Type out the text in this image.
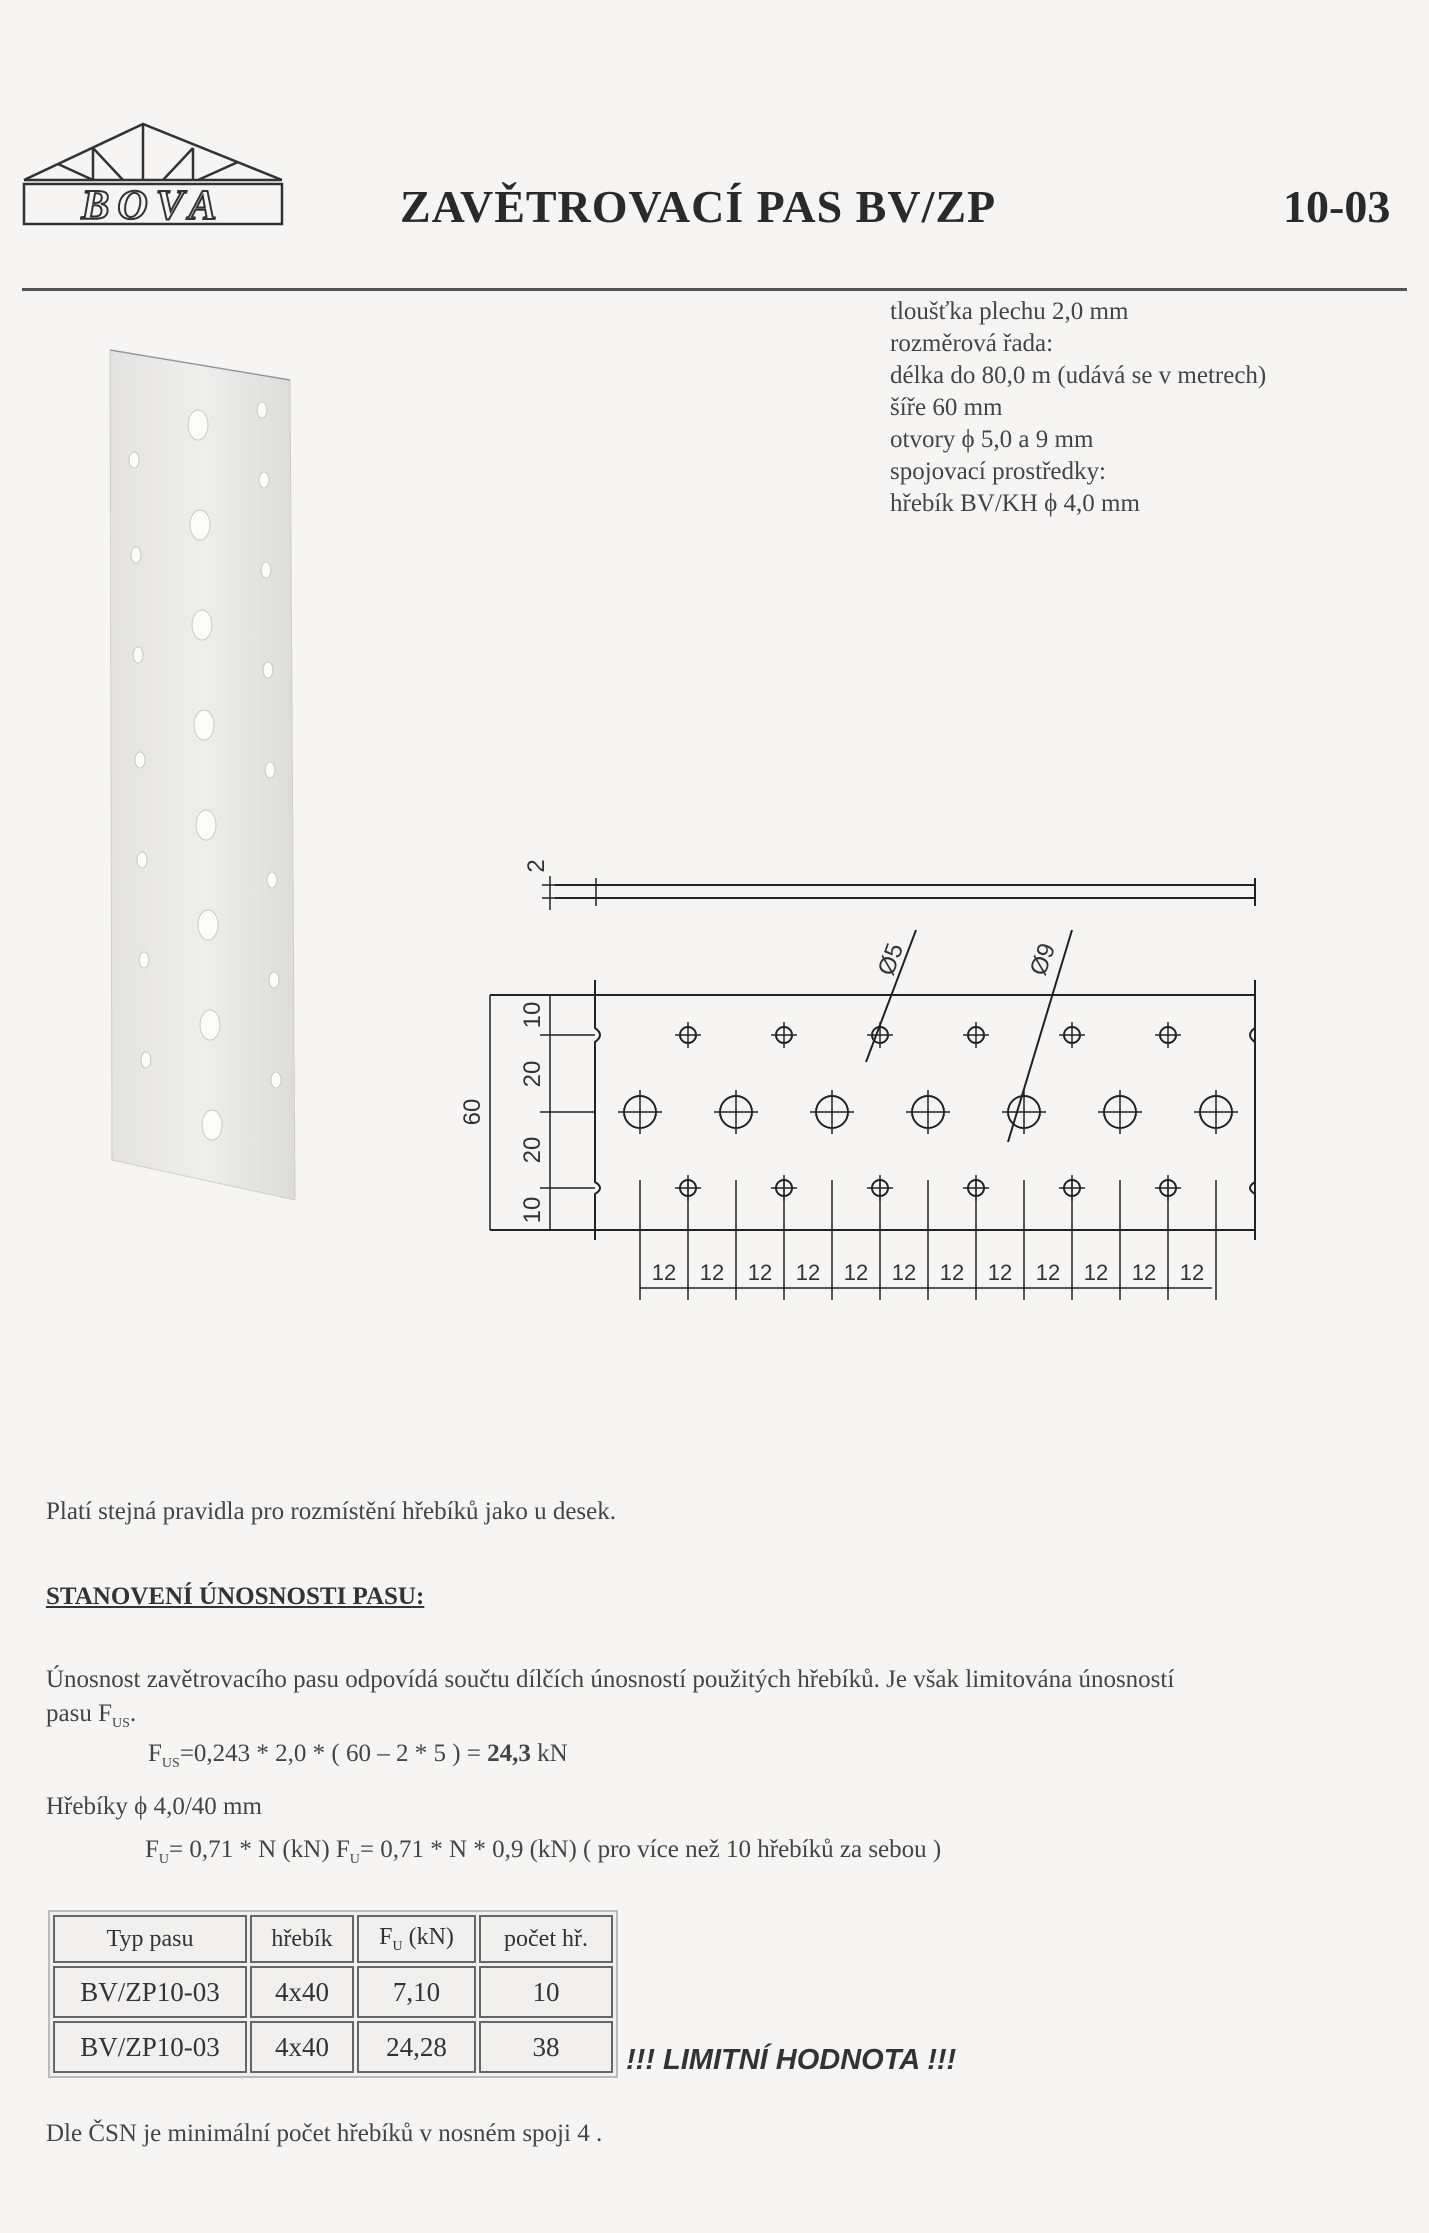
BOVA	ZAVĚTROVACÍ PAS BV/ZP	10-03
tloušťka plechu 2,0 mm
rozměrová řada:
délka do 80,0 m (udává se v metrech)
šíře 60 mm
otvory ϕ 5,0 a 9 mm
spojovací prostředky:
hřebík BV/KH ϕ 4,0 mm
2
60
10
20
20
10
Ø5	Ø9
12 12 12 12 12 12 12 12 12 12 12 12
Platí stejná pravidla pro rozmístění hřebíků jako u desek.
STANOVENÍ ÚNOSNOSTI PASU:
Únosnost zavětrovacího pasu odpovídá součtu dílčích únosností použitých hřebíků. Je však limitována únosností pasu $F_{US}$.
$F_{US}=0,243 * 2,0$ * ( 60 – 2 * 5 ) = 24,3 kN
Hřebíky ϕ 4,0/40 mm
$F_U= 0,71 * N$ (kN) $F_U= 0,71 * N * 0,9$ (kN) ( pro více než 10 hřebíků za sebou )
Typ pasu	hřebík	$F_U$ (kN)	počet hř.
BV/ZP10-03	4x40	7,10	10
BV/ZP10-03	4x40	24,28	38 !!! LIMITNÍ HODNOTA !!!
Dle ČSN je minimální počet hřebíků v nosném spoji 4 .
